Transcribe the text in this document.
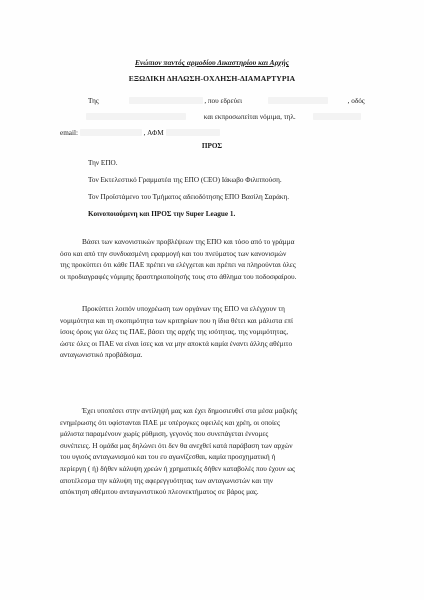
Ενώπιον παντός αρμοδίου Δικαστηρίου και Αρχής
ΕΞΩΔΙΚΗ ΔΗΛΩΣΗ-ΟΧΛΗΣΗ-ΔΙΑΜΑΡΤΥΡΙΑ
Της	, που εδρεύει	, οδός
και εκπροσωπείται νόμιμα, τηλ.
email:	, ΑΦΜ
ΠΡΟΣ
Την ΕΠΟ.
Τον Εκτελεστικό Γραμματέα της ΕΠΟ (CEO) Ιάκωβο Φιλιππούση.
Τον Προϊστάμενο του Τμήματος αδειοδότησης ΕΠΟ Βασίλη Σαράκη.
Κοινοποιούμενη και ΠΡΟΣ την Super League 1.
Βάσει των κανονιστικών προβλέψεων της ΕΠΟ και τόσο από το γράμμα
όσο και από την συνδυασμένη εφαρμογή και του πνεύματος των κανονισμών
της προκύπτει ότι κάθε ΠΑΕ πρέπει να ελέγχεται και πρέπει να πληρούνται όλες
οι προδιαγραφές νόμιμης δραστηριοποίησής τους στο άθλημα του ποδοσφαίρου.
Προκύπτει λοιπόν υποχρέωση των οργάνων της ΕΠΟ να ελέγχουν τη
νομιμότητα και τη σκοπιμότητα των κριτηρίων που η ίδια θέτει και μάλιστα επί
ίσοις όροις για όλες τις ΠΑΕ, βάσει της αρχής της ισότητας, της νομιμότητας,
ώστε όλες οι ΠΑΕ να είναι ίσες και να μην αποκτά καμία έναντι άλλης αθέμιτο
ανταγωνιστικό προβάδισμα.
Έχει υποπέσει στην αντίληψή μας και έχει δημοσιευθεί στα μέσα μαζικής
ενημέρωσης ότι υφίστανται ΠΑΕ με υπέρογκες οφειλές και χρέη, οι οποίες
μάλιστα παραμένουν χωρίς ρύθμιση, γεγονός που συνεπάγεται έννομες
συνέπειες. Η ομάδα μας δηλώνει ότι δεν θα ανεχθεί κατά παράβαση των αρχών
του υγιούς ανταγωνισμού και του ευ αγωνίζεσθαι, καμία προσχηματική ή
περίεργη ( ή) δήθεν κάλυψη χρεών ή χρηματικές δήθεν καταβολές που έχουν ως
αποτέλεσμα την κάλυψη της αφερεγγυότητας των ανταγωνιστών και την
απόκτηση αθέμιτου ανταγωνιστικού πλεονεκτήματος σε βάρος μας.
